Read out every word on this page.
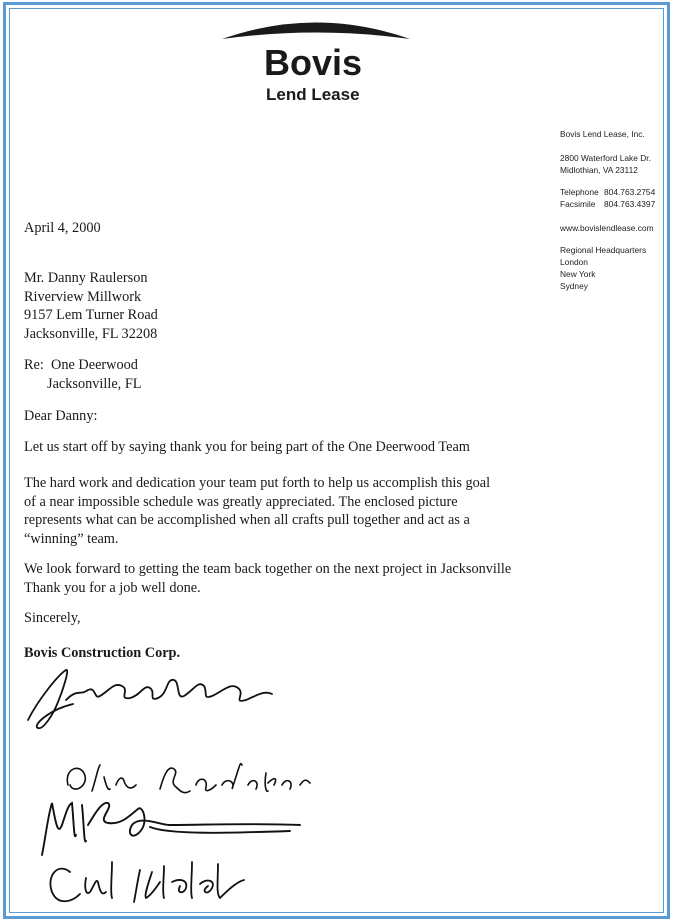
Bovis
Lend Lease
Bovis Lend Lease, Inc.
2800 Waterford Lake Dr.
Midlothian, VA 23112
Telephone 804.763.2754
Facsimile	804.763.4397
www.bovislendlease.com
Regional Headquarters
London
New York
Sydney
April 4, 2000
Mr. Danny Raulerson
Riverview Millwork
9157 Lem Turner Road
Jacksonville, FL 32208
Re: One Deerwood
Jacksonville, FL
Dear Danny:
Let us start off by saying thank you for being part of the One Deerwood Team
The hard work and dedication your team put forth to help us accomplish this goal
of a near impossible schedule was greatly appreciated. The enclosed picture
represents what can be accomplished when all crafts pull together and act as a
“winning” team.
We look forward to getting the team back together on the next project in Jacksonville
Thank you for a job well done.
Sincerely,
Bovis Construction Corp.
